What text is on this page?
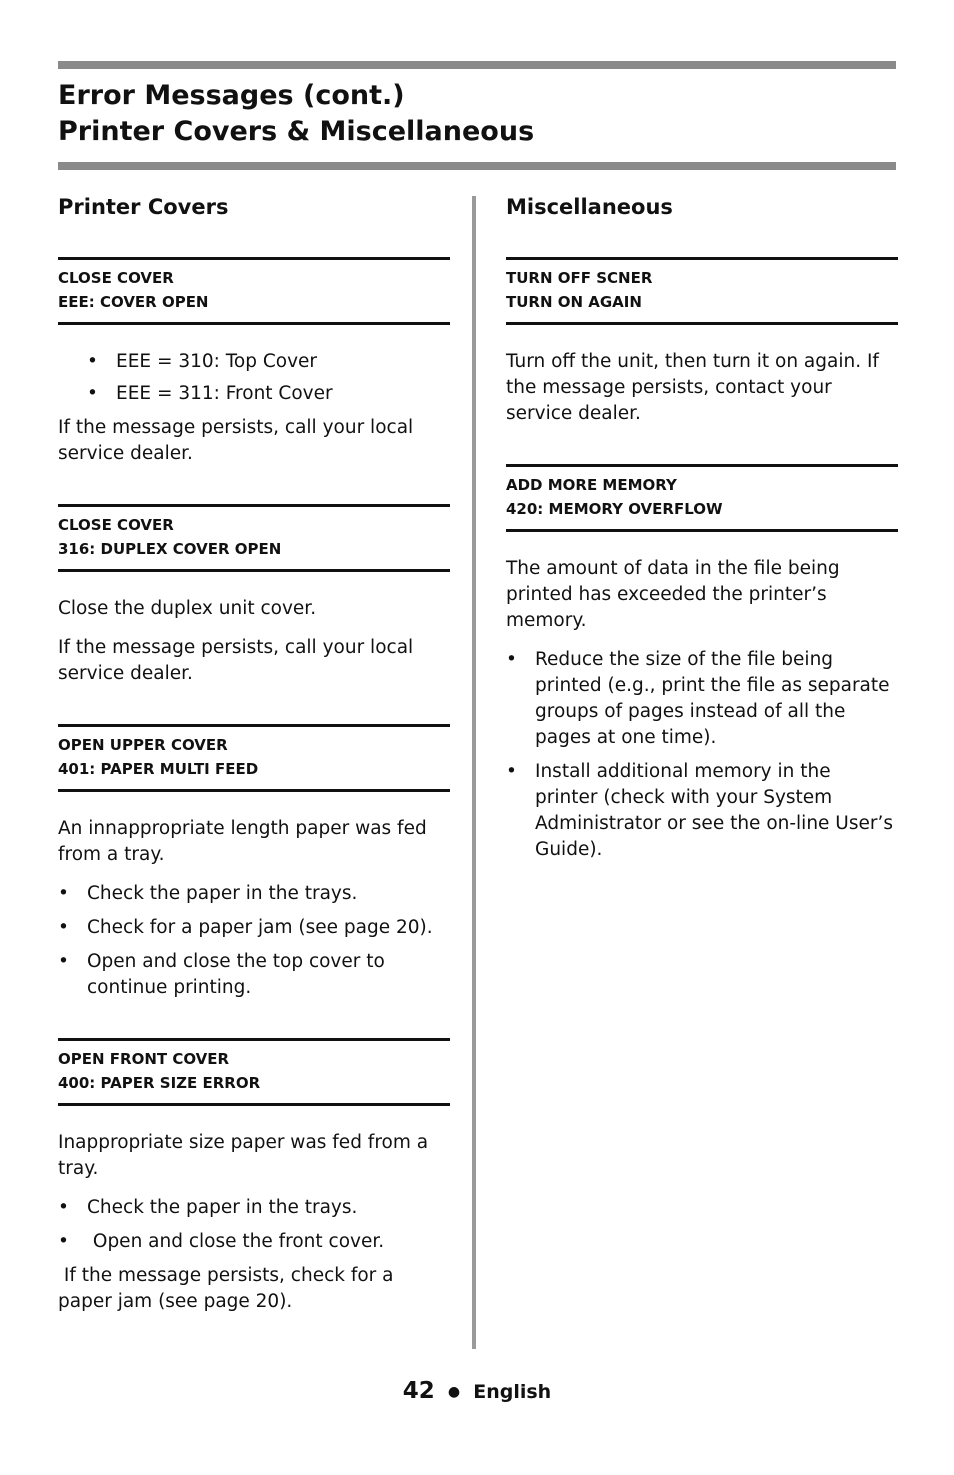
Error Messages (cont.)
Printer Covers & Miscellaneous
Printer Covers
CLOSE COVER
EEE: COVER OPEN
• EEE = 310: Top Cover
• EEE = 311: Front Cover

If the message persists, call your local service dealer.

CLOSE COVER
316: DUPLEX COVER OPEN

Close the duplex unit cover.

If the message persists, call your local service dealer.

OPEN UPPER COVER
401: PAPER MULTI FEED

An innappropriate length paper was fed from a tray.

• Check the paper in the trays.
• Check for a paper jam (see page 20).
• Open and close the top cover to continue printing.
OPEN FRONT COVER
400: PAPER SIZE ERROR

Inappropriate size paper was fed from a tray.

• Check the paper in the trays.
• Open and close the front cover.

If the message persists, check for a paper jam (see page 20).

Miscellaneous
TURN OFF SCNER
TURN ON AGAIN

Turn off the unit, then turn it on again. If the message persists, contact your service dealer.

ADD MORE MEMORY
420: MEMORY OVERFLOW

The amount of data in the file being printed has exceeded the printer’s memory.

• Reduce the size of the file being printed (e.g., print the file as separate groups of pages instead of all the pages at one time).
• Install additional memory in the printer (check with your System Administrator or see the on-line User’s Guide).
42 ● English
